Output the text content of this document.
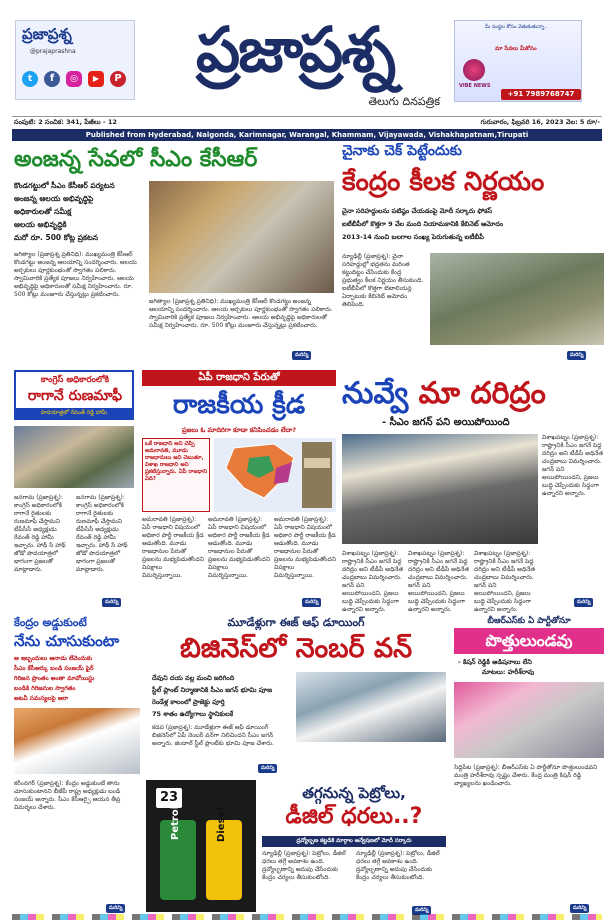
ప్రజాప్రశ్న
@prajaprashna
t	f	◎	▶	P	ప్రజాప్రశ్న
తెలుగు దినపత్రిక
మీ సంస్థల కోసం వెతుకుతున్నా..
మా సేవలు మీకోసం
VIBE NEWS
+91 7989768747
సంపుటి: 2 సంచిక: 341, పేజీలు - 12	గురువారం, ఫిబ్రవరి 16, 2023 వెల: 5 రూ/-
Published from Hyderabad, Nalgonda, Karimnagar, Warangal, Khammam, Vijayawada, Vishakhapatnam,Tirupati
అంజన్న సేవలో సీఎం కేసీఆర్
కొండగట్టులో సీఎం కేసీఆర్ పర్యటన
అంజన్న ఆలయ అభివృద్ధిపై
అధికారులతో సమీక్ష
ఆలయ అభివృద్ధికి
మరో రూ. 500 కోట్ల ప్రకటన
జగిత్యాల (ప్రజాప్రశ్న ప్రతినిధి): ముఖ్యమంత్రి కేసీఆర్ కొండగట్టు అంజన్న ఆలయాన్ని సందర్శించారు. ఆలయ అర్చకులు పూర్ణకుంభంతో స్వాగతం పలికారు. స్వామివారికి ప్రత్యేక పూజలు నిర్వహించారు. ఆలయ అభివృద్ధిపై అధికారులతో సమీక్ష నిర్వహించారు. రూ. 500 కోట్లు మంజూరు చేస్తున్నట్లు ప్రకటించారు.
జగిత్యాల (ప్రజాప్రశ్న ప్రతినిధి): ముఖ్యమంత్రి కేసీఆర్ కొండగట్టు అంజన్న ఆలయాన్ని సందర్శించారు. ఆలయ అర్చకులు పూర్ణకుంభంతో స్వాగతం పలికారు. స్వామివారికి ప్రత్యేక పూజలు నిర్వహించారు. ఆలయ అభివృద్ధిపై అధికారులతో సమీక్ష నిర్వహించారు. రూ. 500 కోట్లు మంజూరు చేస్తున్నట్లు ప్రకటించారు.
మరిన్ని
చైనాకు చెక్ పెట్టేందుకు
కేంద్రం కీలక నిర్ణయం
చైనా సరిహద్దులను పటిష్ఠం చేయడంపై మోదీ సర్కారు ఫోకస్
ఐటీబీపీలో కొత్తగా 9 వేల మంది నియామకానికి కేబినెట్ ఆమోదం
2013-14 నుంచి బలగాల సంఖ్య పెరుగుతున్న ఐటీబీపీ
న్యూఢిల్లీ (ప్రజాప్రశ్న): చైనా సరిహద్దుల్లో భద్రతను మరింత కట్టుదిట్టం చేసేందుకు కేంద్ర ప్రభుత్వం కీలక నిర్ణయం తీసుకుంది. ఐటీబీపీలో కొత్తగా బెటాలియన్ల ఏర్పాటుకు కేబినెట్ ఆమోదం తెలిపింది.
మరిన్ని
కాంగ్రెస్ అధికారంలోకి
రాగానే రుణమాఫీ
పాదయాత్రలో రేవంత్ రెడ్డి హామీ
జనగామ (ప్రజాప్రశ్న): కాంగ్రెస్ అధికారంలోకి రాగానే రైతులకు రుణమాఫీ చేస్తామని టీపీసీసీ అధ్యక్షుడు రేవంత్ రెడ్డి హామీ ఇచ్చారు. హాథ్ సే హాథ్ జోడో పాదయాత్రలో భాగంగా ప్రజలతో మాట్లాడారు.
జనగామ (ప్రజాప్రశ్న): కాంగ్రెస్ అధికారంలోకి రాగానే రైతులకు రుణమాఫీ చేస్తామని టీపీసీసీ అధ్యక్షుడు రేవంత్ రెడ్డి హామీ ఇచ్చారు. హాథ్ సే హాథ్ జోడో పాదయాత్రలో భాగంగా ప్రజలతో మాట్లాడారు.
మరిన్ని
ఏపీ రాజధాని పేరుతో
రాజకీయ క్రీడ
ప్రజలు ఓ మాదిరిగా కూడా కనిపించడం లేదా?
ఒకే రాజధాని అని చెప్పి అమరావతి, మూడు రాజధానులు అని చెబుతూ, విశాఖ రాజధాని అని ప్రకటిస్తున్నారు. ఏపీ రాజధాని ఏది?
అమరావతి (ప్రజాప్రశ్న): ఏపీ రాజధాని విషయంలో అధికార పార్టీ రాజకీయ క్రీడ ఆడుతోంది. మూడు రాజధానుల పేరుతో ప్రజలను మభ్యపెడుతోందని విపక్షాలు విమర్శిస్తున్నాయి.
అమరావతి (ప్రజాప్రశ్న): ఏపీ రాజధాని విషయంలో అధికార పార్టీ రాజకీయ క్రీడ ఆడుతోంది. మూడు రాజధానుల పేరుతో ప్రజలను మభ్యపెడుతోందని విపక్షాలు విమర్శిస్తున్నాయి.
అమరావతి (ప్రజాప్రశ్న): ఏపీ రాజధాని విషయంలో అధికార పార్టీ రాజకీయ క్రీడ ఆడుతోంది. మూడు రాజధానుల పేరుతో ప్రజలను మభ్యపెడుతోందని విపక్షాలు విమర్శిస్తున్నాయి.
మరిన్ని
నువ్వే మా దరిద్రం
- సీఎం జగన్ పని అయిపోయింది
విశాఖపట్నం (ప్రజాప్రశ్న): రాష్ట్రానికి సీఎం జగనే పెద్ద దరిద్రం అని టీడీపీ అధినేత చంద్రబాబు విమర్శించారు. జగన్ పని అయిపోయిందని, ప్రజలు బుద్ధి చెప్పేందుకు సిద్ధంగా ఉన్నారని అన్నారు.
విశాఖపట్నం (ప్రజాప్రశ్న): రాష్ట్రానికి సీఎం జగనే పెద్ద దరిద్రం అని టీడీపీ అధినేత చంద్రబాబు విమర్శించారు. జగన్ పని అయిపోయిందని, ప్రజలు బుద్ధి చెప్పేందుకు సిద్ధంగా ఉన్నారని అన్నారు.
విశాఖపట్నం (ప్రజాప్రశ్న): రాష్ట్రానికి సీఎం జగనే పెద్ద దరిద్రం అని టీడీపీ అధినేత చంద్రబాబు విమర్శించారు. జగన్ పని అయిపోయిందని, ప్రజలు బుద్ధి చెప్పేందుకు సిద్ధంగా ఉన్నారని అన్నారు.
విశాఖపట్నం (ప్రజాప్రశ్న): రాష్ట్రానికి సీఎం జగనే పెద్ద దరిద్రం అని టీడీపీ అధినేత చంద్రబాబు విమర్శించారు. జగన్ పని అయిపోయిందని, ప్రజలు బుద్ధి చెప్పేందుకు సిద్ధంగా ఉన్నారని అన్నారు.
మరిన్ని
కేంద్రం అడ్డుకుంటే
నేను చూసుకుంటా
ఆ ఇబ్బందులు ఆనాడు లేవెందుకు
సీఎం కేసీఆర్కు బండి సంజయ్ ఫైర్
గిరిజన ప్రాంతం అంతా మావోయిస్టు
బండికి గిరిజనుల స్వాగతం
అటవీ సమస్యలపై ఆరా
కరీంనగర్ (ప్రజాప్రశ్న): కేంద్రం అడ్డుకుంటే తాను చూసుకుంటానని బీజేపీ రాష్ట్ర అధ్యక్షుడు బండి సంజయ్ అన్నారు. సీఎం కేసీఆర్పై ఆయన తీవ్ర విమర్శలు చేశారు.
మరిన్ని
మూడేళ్లుగా ఈజ్ ఆఫ్ డూయింగ్
బిజినెస్‌లో నెంబర్ వన్
దేవుని దయ వల్ల మంచి జరిగింది
స్టీల్ ప్లాంట్ నిర్మాణానికి సీఎం జగన్ భూమి పూజ
రెండేళ్ల కాలంలో ప్రాజెక్టు పూర్తి
75 శాతం ఉద్యోగాలు స్థానికులకే
కడప (ప్రజాప్రశ్న): మూడేళ్లుగా ఈజ్ ఆఫ్ డూయింగ్ బిజినెస్‌లో ఏపీ నెంబర్ వన్‌గా నిలిచిందని సీఎం జగన్ అన్నారు. జిందాల్ స్టీల్ ప్లాంట్‌కు భూమి పూజ చేశారు.
మరిన్ని
బీఆర్ఎస్‌కు ఏ పార్టీతోనూ
పొత్తులుండవు
- కిషన్ రెడ్డికి ఆడిషనాలు లేని
మాటలు: హరీశ్‌రావు
సిద్దిపేట (ప్రజాప్రశ్న): బీఆర్ఎస్‌కు ఏ పార్టీతోనూ పొత్తులుండవని మంత్రి హరీశ్‌రావు స్పష్టం చేశారు. కేంద్ర మంత్రి కిషన్ రెడ్డి వ్యాఖ్యలను ఖండించారు.
మరిన్ని
23
Petrol	Diesel
తగ్గనున్న పెట్రోలు,
డీజిల్ ధరలు..?
ద్రవ్యోల్బణ కట్టడికి మార్గాల అన్వేషణలో మోదీ సర్కారు
న్యూఢిల్లీ (ప్రజాప్రశ్న): పెట్రోలు, డీజిల్ ధరలు తగ్గే అవకాశం ఉంది. ద్రవ్యోల్బణాన్ని అదుపు చేసేందుకు కేంద్రం చర్యలు తీసుకుంటోంది.
న్యూఢిల్లీ (ప్రజాప్రశ్న): పెట్రోలు, డీజిల్ ధరలు తగ్గే అవకాశం ఉంది. ద్రవ్యోల్బణాన్ని అదుపు చేసేందుకు కేంద్రం చర్యలు తీసుకుంటోంది.
మరిన్ని
